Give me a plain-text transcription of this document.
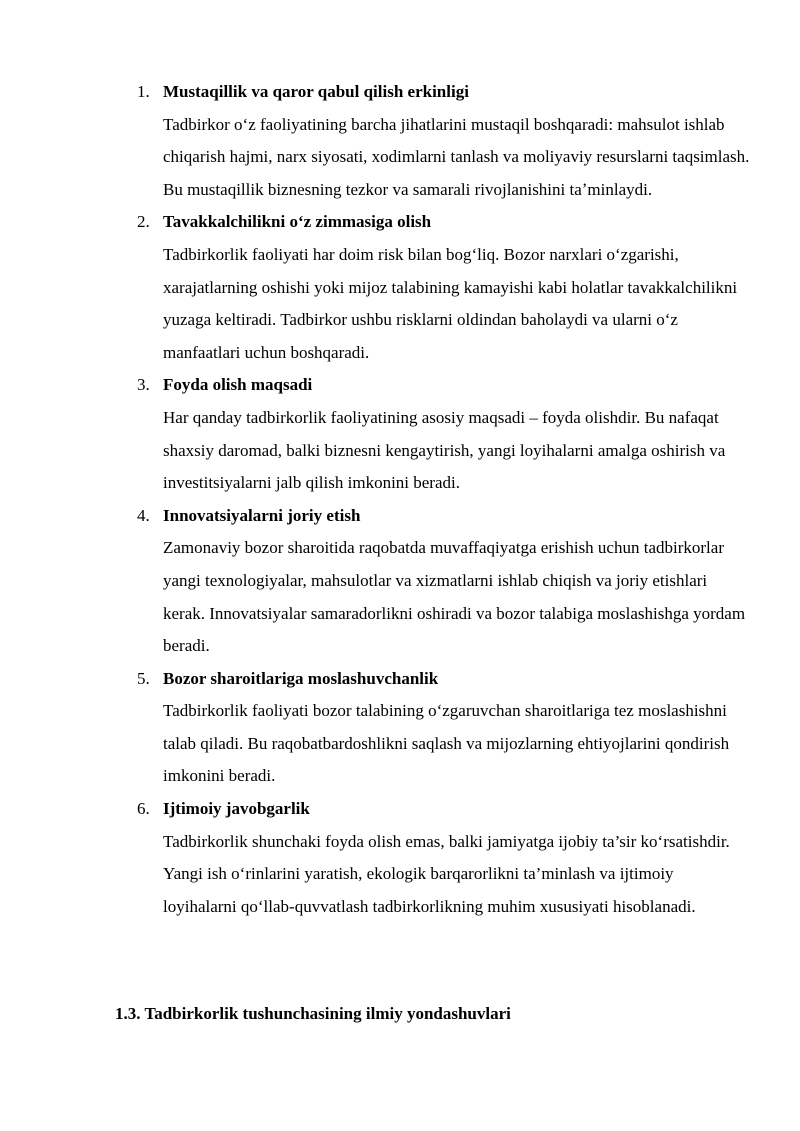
1. Mustaqillik va qaror qabul qilish erkinligi
Tadbirkor o‘z faoliyatining barcha jihatlarini mustaqil boshqaradi: mahsulot ishlab chiqarish hajmi, narx siyosati, xodimlarni tanlash va moliyaviy resurslarni taqsimlash. Bu mustaqillik biznesning tezkor va samarali rivojlanishini taʼminlaydi.
2. Tavakkalchilikni o‘z zimmasiga olish
Tadbirkorlik faoliyati har doim risk bilan bog‘liq. Bozor narxlari o‘zgarishi, xarajatlarning oshishi yoki mijoz talabining kamayishi kabi holatlar tavakkalchilikni yuzaga keltiradi. Tadbirkor ushbu risklarni oldindan baholaydi va ularni o‘z manfaatlari uchun boshqaradi.
3. Foyda olish maqsadi
Har qanday tadbirkorlik faoliyatining asosiy maqsadi – foyda olishdir. Bu nafaqat shaxsiy daromad, balki biznesni kengaytirish, yangi loyihalarni amalga oshirish va investitsiyalarni jalb qilish imkonini beradi.
4. Innovatsiyalarni joriy etish
Zamonaviy bozor sharoitida raqobatda muvaffaqiyatga erishish uchun tadbirkorlar yangi texnologiyalar, mahsulotlar va xizmatlarni ishlab chiqish va joriy etishlari kerak. Innovatsiyalar samaradorlikni oshiradi va bozor talabiga moslashishga yordam beradi.
5. Bozor sharoitlariga moslashuvchanlik
Tadbirkorlik faoliyati bozor talabining o‘zgaruvchan sharoitlariga tez moslashishni talab qiladi. Bu raqobatbardoshlikni saqlash va mijozlarning ehtiyojlarini qondirish imkonini beradi.
6. Ijtimoiy javobgarlik
Tadbirkorlik shunchaki foyda olish emas, balki jamiyatga ijobiy ta’sir ko‘rsatishdir. Yangi ish o‘rinlarini yaratish, ekologik barqarorlikni ta’minlash va ijtimoiy loyihalarni qo‘llab-quvvatlash tadbirkorlikning muhim xususiyati hisoblanadi.
1.3. Tadbirkorlik tushunchasining ilmiy yondashuvlari
